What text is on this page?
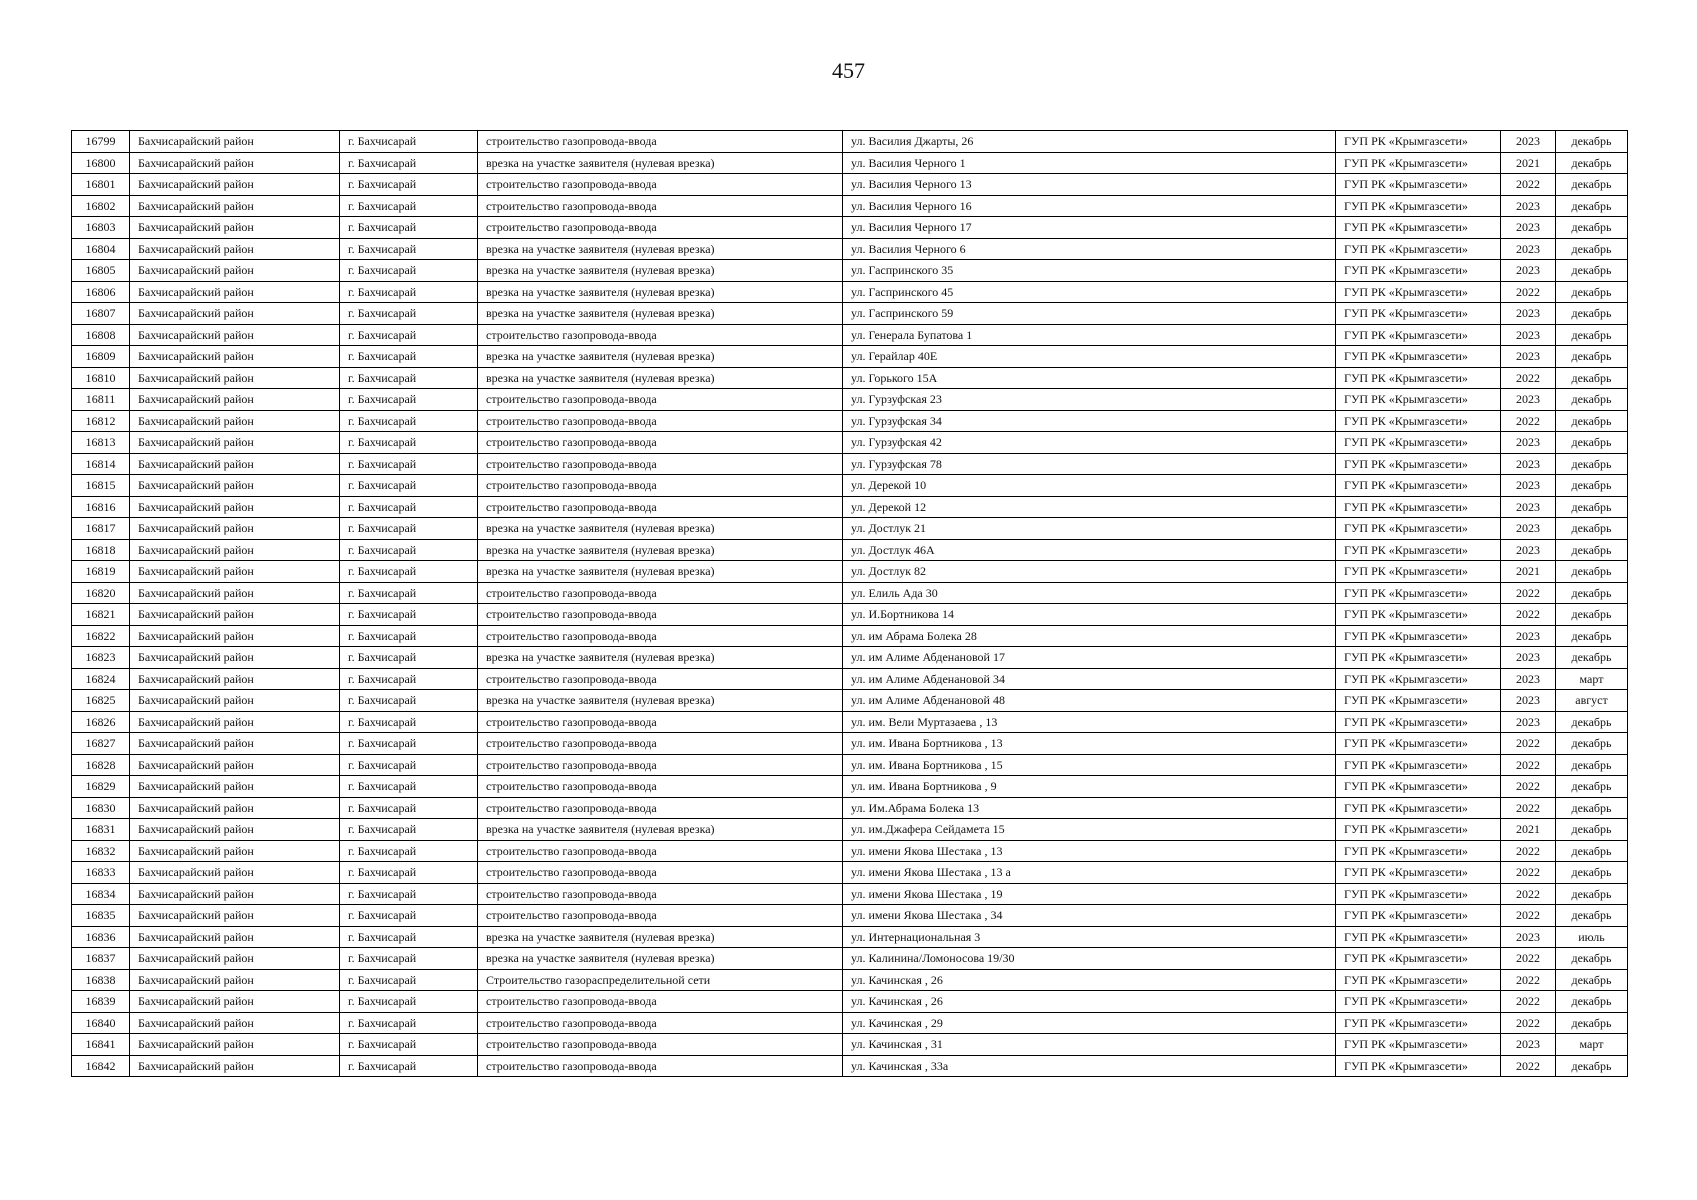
457
16799	Бахчисарайский район	г. Бахчисарай	строительство газопровода-ввода	ул. Василия Джарты, 26	ГУП РК «Крымгазсети»	2023	декабрь
16800	Бахчисарайский район	г. Бахчисарай	врезка на участке заявителя (нулевая врезка)	ул. Василия Черного 1	ГУП РК «Крымгазсети»	2021	декабрь
16801	Бахчисарайский район	г. Бахчисарай	строительство газопровода-ввода	ул. Василия Черного 13	ГУП РК «Крымгазсети»	2022	декабрь
16802	Бахчисарайский район	г. Бахчисарай	строительство газопровода-ввода	ул. Василия Черного 16	ГУП РК «Крымгазсети»	2023	декабрь
16803	Бахчисарайский район	г. Бахчисарай	строительство газопровода-ввода	ул. Василия Черного 17	ГУП РК «Крымгазсети»	2023	декабрь
16804	Бахчисарайский район	г. Бахчисарай	врезка на участке заявителя (нулевая врезка)	ул. Василия Черного 6	ГУП РК «Крымгазсети»	2023	декабрь
16805	Бахчисарайский район	г. Бахчисарай	врезка на участке заявителя (нулевая врезка)	ул. Гаспринского 35	ГУП РК «Крымгазсети»	2023	декабрь
16806	Бахчисарайский район	г. Бахчисарай	врезка на участке заявителя (нулевая врезка)	ул. Гаспринского 45	ГУП РК «Крымгазсети»	2022	декабрь
16807	Бахчисарайский район	г. Бахчисарай	врезка на участке заявителя (нулевая врезка)	ул. Гаспринского 59	ГУП РК «Крымгазсети»	2023	декабрь
16808	Бахчисарайский район	г. Бахчисарай	строительство газопровода-ввода	ул. Генерала Бупатова 1	ГУП РК «Крымгазсети»	2023	декабрь
16809	Бахчисарайский район	г. Бахчисарай	врезка на участке заявителя (нулевая врезка)	ул. Герайлар 40Е	ГУП РК «Крымгазсети»	2023	декабрь
16810	Бахчисарайский район	г. Бахчисарай	врезка на участке заявителя (нулевая врезка)	ул. Горького 15А	ГУП РК «Крымгазсети»	2022	декабрь
16811	Бахчисарайский район	г. Бахчисарай	строительство газопровода-ввода	ул. Гурзуфская 23	ГУП РК «Крымгазсети»	2023	декабрь
16812	Бахчисарайский район	г. Бахчисарай	строительство газопровода-ввода	ул. Гурзуфская 34	ГУП РК «Крымгазсети»	2022	декабрь
16813	Бахчисарайский район	г. Бахчисарай	строительство газопровода-ввода	ул. Гурзуфская 42	ГУП РК «Крымгазсети»	2023	декабрь
16814	Бахчисарайский район	г. Бахчисарай	строительство газопровода-ввода	ул. Гурзуфская 78	ГУП РК «Крымгазсети»	2023	декабрь
16815	Бахчисарайский район	г. Бахчисарай	строительство газопровода-ввода	ул. Дерекой 10	ГУП РК «Крымгазсети»	2023	декабрь
16816	Бахчисарайский район	г. Бахчисарай	строительство газопровода-ввода	ул. Дерекой 12	ГУП РК «Крымгазсети»	2023	декабрь
16817	Бахчисарайский район	г. Бахчисарай	врезка на участке заявителя (нулевая врезка)	ул. Достлук 21	ГУП РК «Крымгазсети»	2023	декабрь
16818	Бахчисарайский район	г. Бахчисарай	врезка на участке заявителя (нулевая врезка)	ул. Достлук 46А	ГУП РК «Крымгазсети»	2023	декабрь
16819	Бахчисарайский район	г. Бахчисарай	врезка на участке заявителя (нулевая врезка)	ул. Достлук 82	ГУП РК «Крымгазсети»	2021	декабрь
16820	Бахчисарайский район	г. Бахчисарай	строительство газопровода-ввода	ул. Елиль Ада 30	ГУП РК «Крымгазсети»	2022	декабрь
16821	Бахчисарайский район	г. Бахчисарай	строительство газопровода-ввода	ул. И.Бортникова 14	ГУП РК «Крымгазсети»	2022	декабрь
16822	Бахчисарайский район	г. Бахчисарай	строительство газопровода-ввода	ул. им Абрама Болека 28	ГУП РК «Крымгазсети»	2023	декабрь
16823	Бахчисарайский район	г. Бахчисарай	врезка на участке заявителя (нулевая врезка)	ул. им Алиме Абденановой 17	ГУП РК «Крымгазсети»	2023	декабрь
16824	Бахчисарайский район	г. Бахчисарай	строительство газопровода-ввода	ул. им Алиме Абденановой 34	ГУП РК «Крымгазсети»	2023	март
16825	Бахчисарайский район	г. Бахчисарай	врезка на участке заявителя (нулевая врезка)	ул. им Алиме Абденановой 48	ГУП РК «Крымгазсети»	2023	август
16826	Бахчисарайский район	г. Бахчисарай	строительство газопровода-ввода	ул. им. Вели Муртазаева , 13	ГУП РК «Крымгазсети»	2023	декабрь
16827	Бахчисарайский район	г. Бахчисарай	строительство газопровода-ввода	ул. им. Ивана Бортникова , 13	ГУП РК «Крымгазсети»	2022	декабрь
16828	Бахчисарайский район	г. Бахчисарай	строительство газопровода-ввода	ул. им. Ивана Бортникова , 15	ГУП РК «Крымгазсети»	2022	декабрь
16829	Бахчисарайский район	г. Бахчисарай	строительство газопровода-ввода	ул. им. Ивана Бортникова , 9	ГУП РК «Крымгазсети»	2022	декабрь
16830	Бахчисарайский район	г. Бахчисарай	строительство газопровода-ввода	ул. Им.Абрама Болека 13	ГУП РК «Крымгазсети»	2022	декабрь
16831	Бахчисарайский район	г. Бахчисарай	врезка на участке заявителя (нулевая врезка)	ул. им.Джафера Сейдамета 15	ГУП РК «Крымгазсети»	2021	декабрь
16832	Бахчисарайский район	г. Бахчисарай	строительство газопровода-ввода	ул. имени Якова Шестака , 13	ГУП РК «Крымгазсети»	2022	декабрь
16833	Бахчисарайский район	г. Бахчисарай	строительство газопровода-ввода	ул. имени Якова Шестака , 13 а	ГУП РК «Крымгазсети»	2022	декабрь
16834	Бахчисарайский район	г. Бахчисарай	строительство газопровода-ввода	ул. имени Якова Шестака , 19	ГУП РК «Крымгазсети»	2022	декабрь
16835	Бахчисарайский район	г. Бахчисарай	строительство газопровода-ввода	ул. имени Якова Шестака , 34	ГУП РК «Крымгазсети»	2022	декабрь
16836	Бахчисарайский район	г. Бахчисарай	врезка на участке заявителя (нулевая врезка)	ул. Интернациональная 3	ГУП РК «Крымгазсети»	2023	июль
16837	Бахчисарайский район	г. Бахчисарай	врезка на участке заявителя (нулевая врезка)	ул. Калинина/Ломоносова 19/30	ГУП РК «Крымгазсети»	2022	декабрь
16838	Бахчисарайский район	г. Бахчисарай	Строительство газораспределительной сети	ул. Качинская , 26	ГУП РК «Крымгазсети»	2022	декабрь
16839	Бахчисарайский район	г. Бахчисарай	строительство газопровода-ввода	ул. Качинская , 26	ГУП РК «Крымгазсети»	2022	декабрь
16840	Бахчисарайский район	г. Бахчисарай	строительство газопровода-ввода	ул. Качинская , 29	ГУП РК «Крымгазсети»	2022	декабрь
16841	Бахчисарайский район	г. Бахчисарай	строительство газопровода-ввода	ул. Качинская , 31	ГУП РК «Крымгазсети»	2023	март
16842	Бахчисарайский район	г. Бахчисарай	строительство газопровода-ввода	ул. Качинская , 33а	ГУП РК «Крымгазсети»	2022	декабрь
